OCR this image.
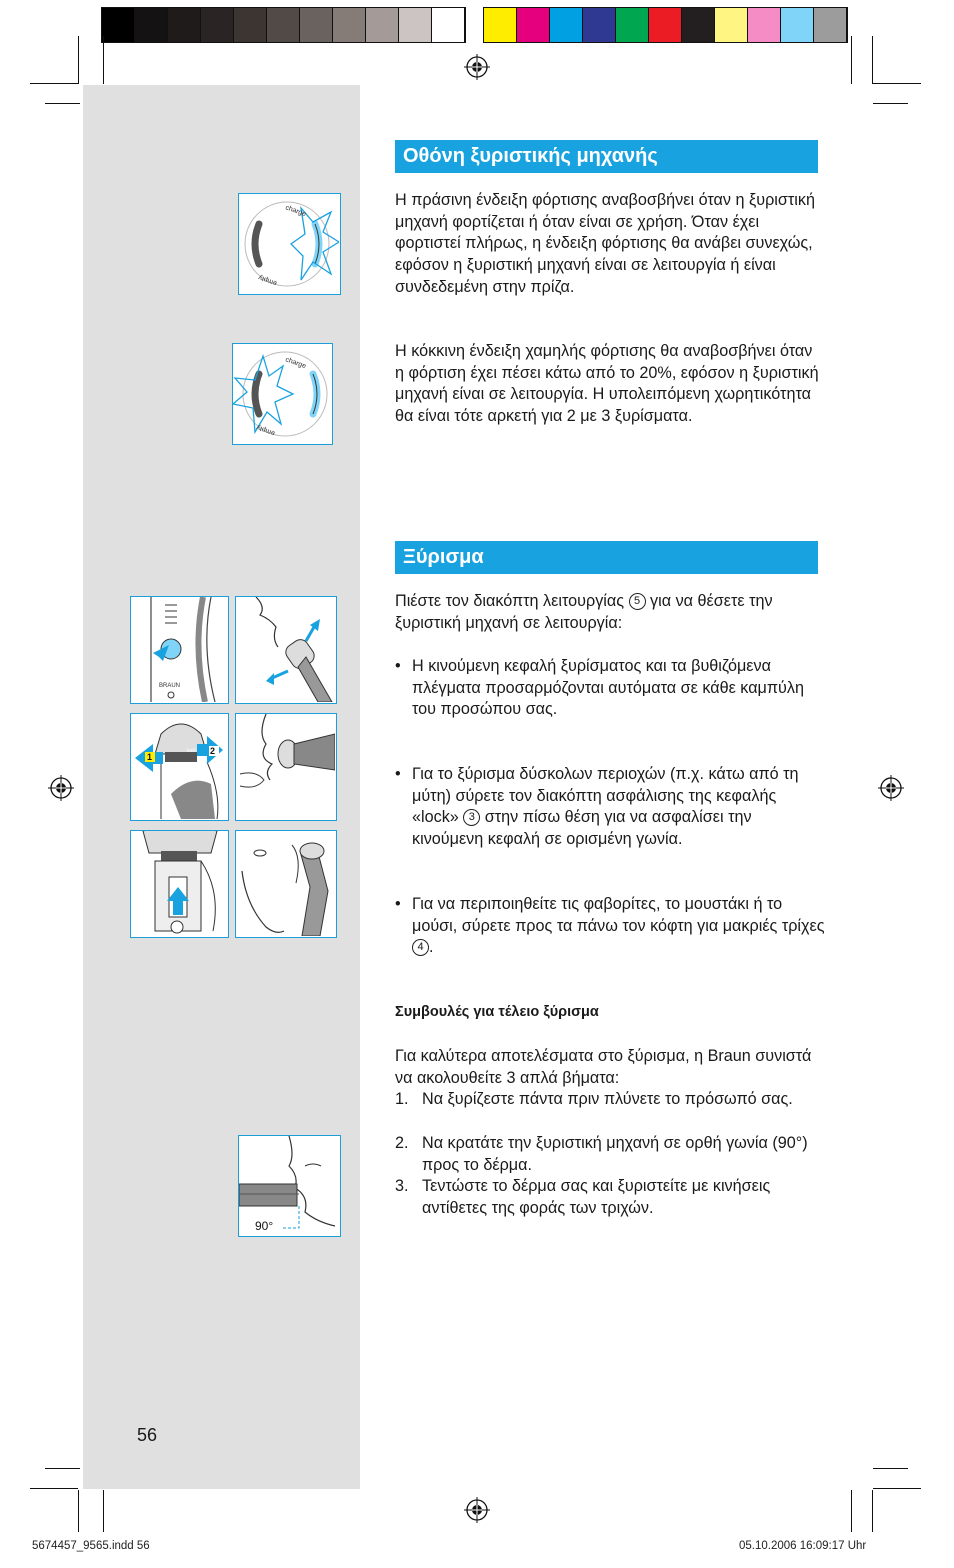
charge
empty
charge
empty
BRAUN
1
2
lock
90°
Οθόνη ξυριστικής μηχανής

Η πράσινη ένδειξη φόρτισης αναβοσβήνει όταν η ξυριστική μηχανή φορτίζεται ή όταν είναι σε χρήση. Όταν έχει φορτιστεί πλήρως, η ένδειξη φόρτισης θα ανάβει συνεχώς, εφόσον η ξυριστική μηχανή είναι σε λειτουργία ή είναι συνδεδεμένη στην πρίζα.

Η κόκκινη ένδειξη χαμηλής φόρτισης θα αναβοσβήνει όταν η φόρτιση έχει πέσει κάτω από το 20%, εφόσον η ξυριστική μηχανή είναι σε λειτουργία. Η υπολειπόμενη χωρητικότητα θα είναι τότε αρκετή για 2 με 3 ξυρίσματα.

Ξύρισμα

Πιέστε τον διακόπτη λειτουργίας 5 για να θέσετε την ξυριστική μηχανή σε λειτουργία:

• Η κινούμενη κεφαλή ξυρίσματος και τα βυθιζόμενα πλέγματα προσαρμόζονται αυτόματα σε κάθε καμπύλη του προσώπου σας.
• Για το ξύρισμα δύσκολων περιοχών (π.χ. κάτω από τη μύτη) σύρετε τον διακόπτη ασφάλισης της κεφαλής «lock» 3 στην πίσω θέση για να ασφαλίσει την κινούμενη κεφαλή σε ορισμένη γωνία.
• Για να περιποιηθείτε τις φαβορίτες, το μουστάκι ή το μούσι, σύρετε προς τα πάνω τον κόφτη για μακριές τρίχες 4 .
Συμβουλές για τέλειο ξύρισμα

Για καλύτερα αποτελέσματα στο ξύρισμα, η Braun συνιστά να ακολουθείτε 3 απλά βήματα:

1. Να ξυρίζεστε πάντα πριν πλύνετε το πρόσωπό σας.
2. Να κρατάτε την ξυριστική μηχανή σε ορθή γωνία (90°) προς το δέρμα.
3. Τεντώστε το δέρμα σας και ξυριστείτε με κινήσεις αντίθετες της φοράς των τριχών.
56
5674457_9565.indd 56	05.10.2006 16:09:17 Uhr
